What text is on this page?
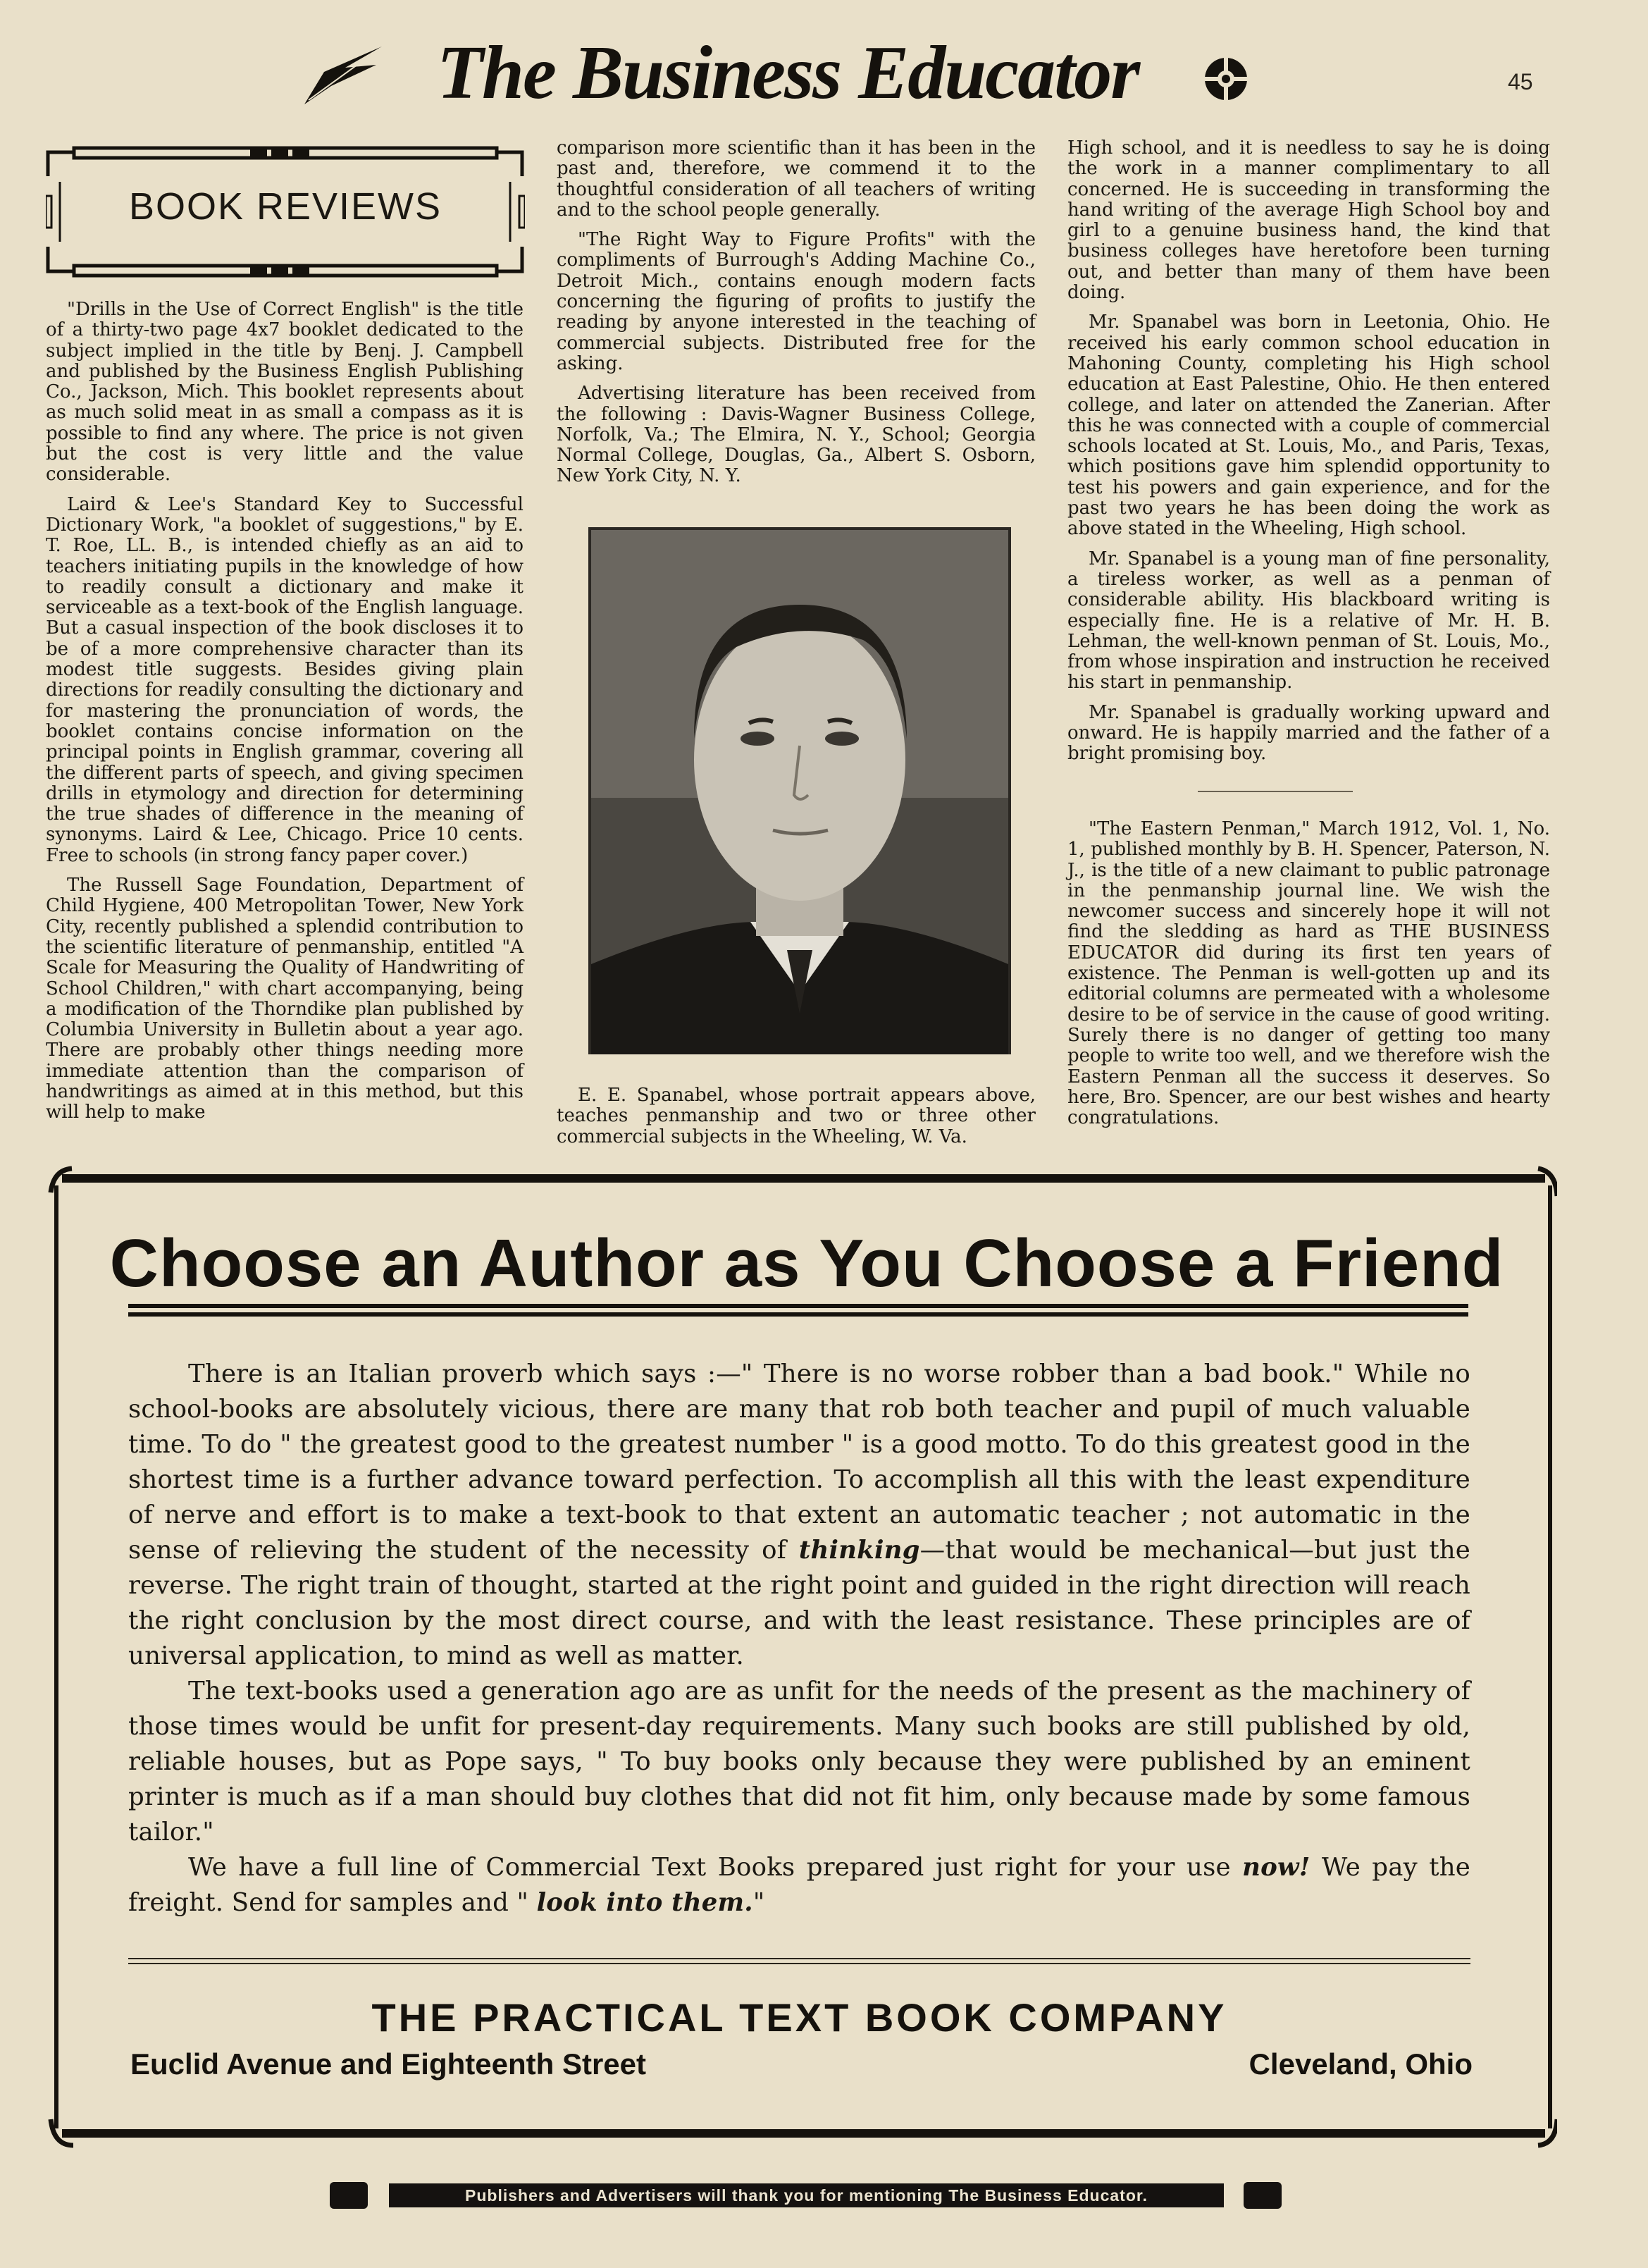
The Business Educator	45
BOOK REVIEWS

"Drills in the Use of Correct English" is the title of a thirty-two page 4x7 booklet dedicated to the subject implied in the title by Benj. J. Campbell and published by the Business English Publishing Co., Jackson, Mich. This booklet represents about as much solid meat in as small a compass as it is possible to find any where. The price is not given but the cost is very little and the value considerable.

Laird & Lee's Standard Key to Successful Dictionary Work, "a booklet of suggestions," by E. T. Roe, LL. B., is intended chiefly as an aid to teachers initiating pupils in the knowledge of how to readily consult a dictionary and make it serviceable as a text-book of the English language. But a casual inspection of the book discloses it to be of a more comprehensive character than its modest title suggests. Besides giving plain directions for readily consulting the dictionary and for mastering the pronunciation of words, the booklet contains concise information on the principal points in English grammar, covering all the different parts of speech, and giving specimen drills in etymology and direction for determining the true shades of difference in the meaning of synonyms. Laird & Lee, Chicago. Price 10 cents. Free to schools (in strong fancy paper cover.)

The Russell Sage Foundation, Department of Child Hygiene, 400 Metropolitan Tower, New York City, recently published a splendid contribution to the scientific literature of penmanship, entitled "A Scale for Measuring the Quality of Handwriting of School Children," with chart accompanying, being a modification of the Thorndike plan published by Columbia University in Bulletin about a year ago. There are probably other things needing more immediate attention than the comparison of handwritings as aimed at in this method, but this will help to make

comparison more scientific than it has been in the past and, therefore, we commend it to the thoughtful consideration of all teachers of writing and to the school people generally.

"The Right Way to Figure Profits" with the compliments of Burrough's Adding Machine Co., Detroit Mich., contains enough modern facts concerning the figuring of profits to justify the reading by anyone interested in the teaching of commercial subjects. Distributed free for the asking.

Advertising literature has been received from the following : Davis-Wagner Business College, Norfolk, Va.; The Elmira, N. Y., School; Georgia Normal College, Douglas, Ga., Albert S. Osborn, New York City, N. Y.

E. E. Spanabel, whose portrait appears above, teaches penmanship and two or three other commercial subjects in the Wheeling, W. Va.

High school, and it is needless to say he is doing the work in a manner complimentary to all concerned. He is succeeding in transforming the hand writing of the average High School boy and girl to a genuine business hand, the kind that business colleges have heretofore been turning out, and better than many of them have been doing.

Mr. Spanabel was born in Leetonia, Ohio. He received his early common school education in Mahoning County, completing his High school education at East Palestine, Ohio. He then entered college, and later on attended the Zanerian. After this he was connected with a couple of commercial schools located at St. Louis, Mo., and Paris, Texas, which positions gave him splendid opportunity to test his powers and gain experience, and for the past two years he has been doing the work as above stated in the Wheeling, High school.

Mr. Spanabel is a young man of fine personality, a tireless worker, as well as a penman of considerable ability. His blackboard writing is especially fine. He is a relative of Mr. H. B. Lehman, the well-known penman of St. Louis, Mo., from whose inspiration and instruction he received his start in penmanship.

Mr. Spanabel is gradually working upward and onward. He is happily married and the father of a bright promising boy.

"The Eastern Penman," March 1912, Vol. 1, No. 1, published monthly by B. H. Spencer, Paterson, N. J., is the title of a new claimant to public patronage in the penmanship journal line. We wish the newcomer success and sincerely hope it will not find the sledding as hard as THE BUSINESS EDUCATOR did during its first ten years of existence. The Penman is well-gotten up and its editorial columns are permeated with a wholesome desire to be of service in the cause of good writing. Surely there is no danger of getting too many people to write too well, and we therefore wish the Eastern Penman all the success it deserves. So here, Bro. Spencer, are our best wishes and hearty congratulations.

Choose an Author as You Choose a Friend

There is an Italian proverb which says :—" There is no worse robber than a bad book." While no school-books are absolutely vicious, there are many that rob both teacher and pupil of much valuable time. To do " the greatest good to the greatest number " is a good motto. To do this greatest good in the shortest time is a further advance toward perfection. To accomplish all this with the least expenditure of nerve and effort is to make a text-book to that extent an automatic teacher ; not automatic in the sense of relieving the student of the necessity of thinking—that would be mechanical—but just the reverse. The right train of thought, started at the right point and guided in the right direction will reach the right conclusion by the most direct course, and with the least resistance. These principles are of universal application, to mind as well as matter.

The text-books used a generation ago are as unfit for the needs of the present as the machinery of those times would be unfit for present-day requirements. Many such books are still published by old, reliable houses, but as Pope says, " To buy books only because they were published by an eminent printer is much as if a man should buy clothes that did not fit him, only because made by some famous tailor."

We have a full line of Commercial Text Books prepared just right for your use now! We pay the freight. Send for samples and " look into them."

THE PRACTICAL TEXT BOOK COMPANY
Euclid Avenue and Eighteenth Street	Cleveland, Ohio
Publishers and Advertisers will thank you for mentioning The Business Educator.
